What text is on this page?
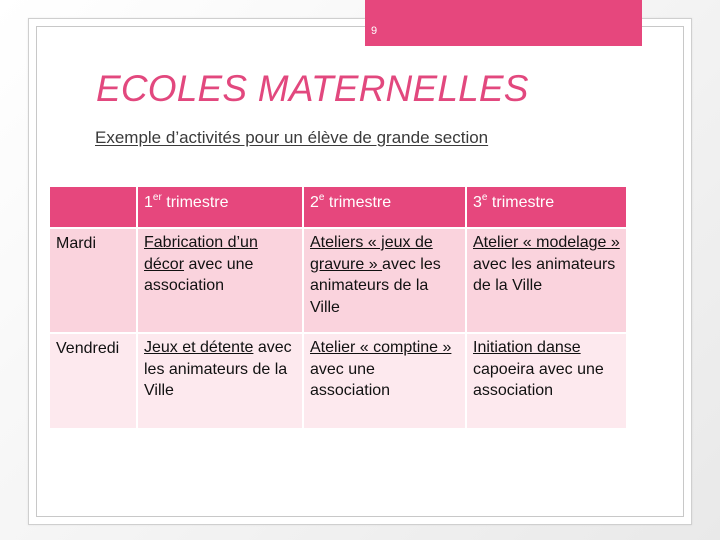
9
ECOLES MATERNELLES

Exemple d’activités pour un élève de grande section

	1er trimestre	2e trimestre	3e trimestre
Mardi	Fabrication d’un décor avec une association	Ateliers « jeux de gravure » avec les animateurs de la Ville	Atelier « modelage » avec les animateurs de la Ville
Vendredi	Jeux et détente avec les animateurs de la Ville	Atelier « comptine » avec une association	Initiation danse capoeira avec une association
